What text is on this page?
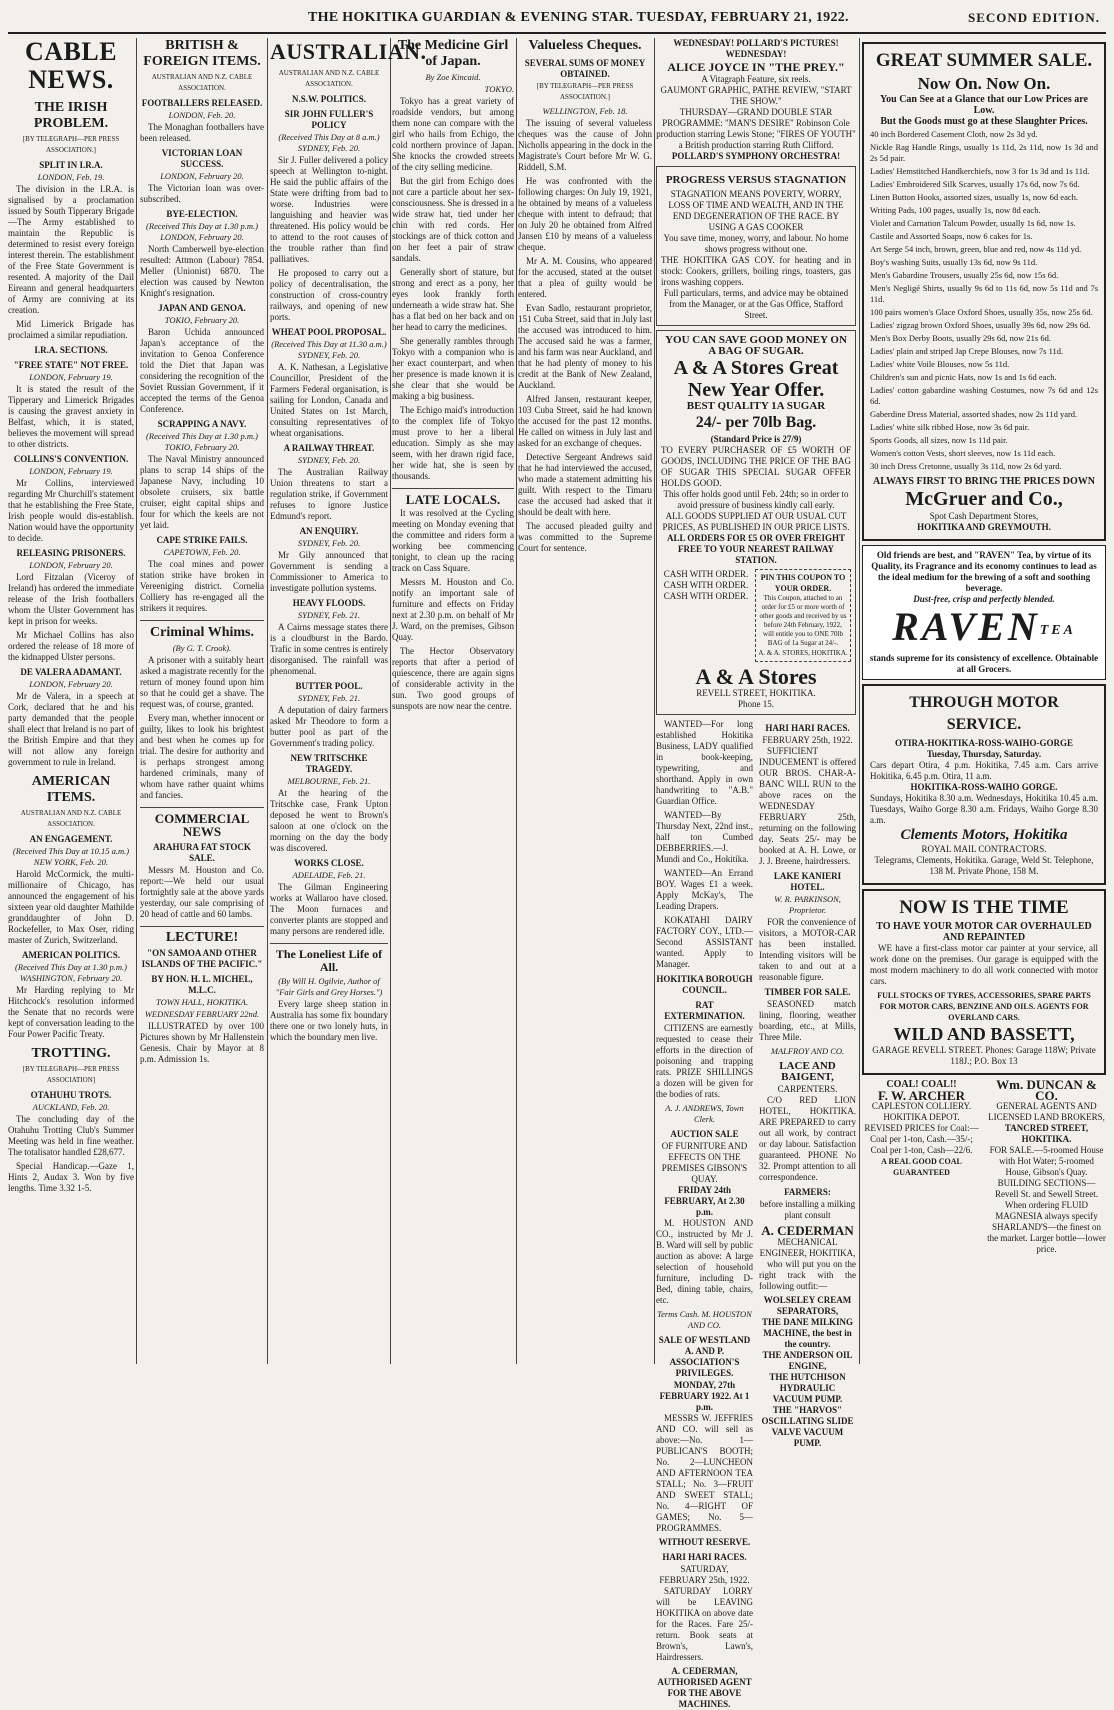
THE HOKITIKA GUARDIAN & EVENING STAR. TUESDAY, FEBRUARY 21, 1922.	SECOND EDITION.
CABLE NEWS.
THE IRISH PROBLEM.
[BY TELEGRAPH—PER PRESS ASSOCIATION.]
SPLIT IN I.R.A.
LONDON, Feb. 19.

The division in the I.R.A. is signalised by a proclamation issued by South Tipperary Brigade—The Army established to maintain the Republic is determined to resist every foreign interest therein. The establishment of the Free State Government is resented. A majority of the Dail Eireann and general headquarters of Army are conniving at its creation.

Mid Limerick Brigade has proclaimed a similar repudiation.

I.R.A. SECTIONS.
"FREE STATE" NOT FREE.
LONDON, February 19.

It is stated the result of the Tipperary and Limerick Brigades is causing the gravest anxiety in Belfast, which, it is stated, believes the movement will spread to other districts.

COLLINS'S CONVENTION.
LONDON, February 19.

Mr Collins, interviewed regarding Mr Churchill's statement that he establishing the Free State, Irish people would dis-establish. Nation would have the opportunity to decide.

RELEASING PRISONERS.
LONDON, February 20.

Lord Fitzalan (Viceroy of Ireland) has ordered the immediate release of the Irish footballers whom the Ulster Government has kept in prison for weeks.

Mr Michael Collins has also ordered the release of 18 more of the kidnapped Ulster persons.

DE VALERA ADAMANT.
LONDON, February 20.

Mr de Valera, in a speech at Cork, declared that he and his party demanded that the people shall elect that Ireland is no part of the British Empire and that they will not allow any foreign government to rule in Ireland.

AMERICAN ITEMS.
AUSTRALIAN AND N.Z. CABLE ASSOCIATION.
AN ENGAGEMENT.
(Received This Day at 10.15 a.m.) NEW YORK, Feb. 20.

Harold McCormick, the multi-millionaire of Chicago, has announced the engagement of his sixteen year old daughter Mathilde granddaughter of John D. Rockefeller, to Max Oser, riding master of Zurich, Switzerland.

AMERICAN POLITICS.
(Received This Day at 1.30 p.m.) WASHINGTON, February 20.

Mr Harding replying to Mr Hitchcock's resolution informed the Senate that no records were kept of conversation leading to the Four Power Pacific Treaty.

TROTTING.
[BY TELEGRAPH—PER PRESS ASSOCIATION]
OTAHUHU TROTS.
AUCKLAND, Feb. 20.

The concluding day of the Otahuhu Trotting Club's Summer Meeting was held in fine weather. The totalisator handled £28,677.

Special Handicap.—Gaze 1, Hints 2, Audax 3. Won by five lengths. Time 3.32 1-5.

BRITISH & FOREIGN ITEMS.
AUSTRALIAN AND N.Z. CABLE ASSOCIATION.
FOOTBALLERS RELEASED.
LONDON, Feb. 20.

The Monaghan footballers have been released.

VICTORIAN LOAN SUCCESS.
LONDON, February 20.

The Victorian loan was over-subscribed.

BYE-ELECTION.
(Received This Day at 1.30 p.m.) LONDON, February 20.

North Camberwell bye-election resulted: Attmon (Labour) 7854. Meller (Unionist) 6870. The election was caused by Newton Knight's resignation.

JAPAN AND GENOA.
TOKIO, February 20.

Baron Uchida announced Japan's acceptance of the invitation to Genoa Conference told the Diet that Japan was considering the recognition of the Soviet Russian Government, if it accepted the terms of the Genoa Conference.

SCRAPPING A NAVY.
(Received This Day at 1.30 p.m.) TOKIO, February 20.

The Naval Ministry announced plans to scrap 14 ships of the Japanese Navy, including 10 obsolete cruisers, six battle cruiser, eight capital ships and four for which the keels are not yet laid.

CAPE STRIKE FAILS.
CAPETOWN, Feb. 20.

The coal mines and power station strike have broken in Vereeniging district. Cornelia Colliery has re-engaged all the strikers it requires.

Criminal Whims.
(By G. T. Crook).

A prisoner with a suitably heart asked a magistrate recently for the return of money found upon him so that he could get a shave. The request was, of course, granted.

Every man, whether innocent or guilty, likes to look his brightest and best when he comes up for trial. The desire for authority and is perhaps strongest among hardened criminals, many of whom have rather quaint whims and fancies.

COMMERCIAL NEWS
ARAHURA FAT STOCK SALE.

Messrs M. Houston and Co. report:—We held our usual fortnightly sale at the above yards yesterday, our sale comprising of 20 head of cattle and 60 lambs.

LECTURE!
"ON SAMOA AND OTHER ISLANDS OF THE PACIFIC."
BY HON. H. L. MICHEL, M.L.C.
TOWN HALL, HOKITIKA.
WEDNESDAY FEBRUARY 22nd.

ILLUSTRATED by over 100 Pictures shown by Mr Hallenstein Genesis. Chair by Mayor at 8 p.m. Admission 1s.

AUSTRALIAN.
AUSTRALIAN AND N.Z. CABLE ASSOCIATION.
N.S.W. POLITICS.
SIR JOHN FULLER'S POLICY
(Received This Day at 8 a.m.) SYDNEY, Feb. 20.

Sir J. Fuller delivered a policy speech at Wellington to-night. He said the public affairs of the State were drifting from bad to worse. Industries were languishing and heavier was threatened. His policy would be to attend to the root causes of the trouble rather than find palliatives.

He proposed to carry out a policy of decentralisation, the construction of cross-country railways, and opening of new ports.

WHEAT POOL PROPOSAL.
(Received This Day at 11.30 a.m.) SYDNEY, Feb. 20.

A. K. Nathesan, a Legislative Councillor, President of the Farmers Federal organisation, is sailing for London, Canada and United States on 1st March, consulting representatives of wheat organisations.

A RAILWAY THREAT.
SYDNEY, Feb. 20.

The Australian Railway Union threatens to start a regulation strike, if Government refuses to ignore Justice Edmund's report.

AN ENQUIRY.
SYDNEY, Feb. 20.

Mr Gily announced that Government is sending a Commissioner to America to investigate pollution systems.

HEAVY FLOODS.
SYDNEY, Feb. 21.

A Cairns message states there is a cloudburst in the Bardo. Trafic in some centres is entirely disorganised. The rainfall was phenomenal.

BUTTER POOL.
SYDNEY, Feb. 21.

A deputation of dairy farmers asked Mr Theodore to form a butter pool as part of the Government's trading policy.

NEW TRITSCHKE TRAGEDY.
MELBOURNE, Feb. 21.

At the hearing of the Tritschke case, Frank Upton deposed he went to Brown's saloon at one o'clock on the morning on the day the body was discovered.

WORKS CLOSE.
ADELAIDE, Feb. 21.

The Gilman Engineering works at Wallaroo have closed. The Moon furnaces and converter plants are stopped and many persons are rendered idle.

The Loneliest Life of All.
(By Will H. Ogilvie, Author of "Fair Girls and Grey Horses.")

Every large sheep station in Australia has some fix boundary there one or two lonely huts, in which the boundary men live.

The Medicine Girl of Japan.
By Zoe Kincaid.
TOKYO.

Tokyo has a great variety of roadside vendors, but among them none can compare with the girl who hails from Echigo, the cold northern province of Japan. She knocks the crowded streets of the city selling medicine.

But the girl from Echigo does not care a particle about her sex-consciousness. She is dressed in a wide straw hat, tied under her chin with red cords. Her stockings are of thick cotton and on her feet a pair of straw sandals.

Generally short of stature, but strong and erect as a pony, her eyes look frankly forth underneath a wide straw hat. She has a flat bed on her back and on her head to carry the medicines.

She generally rambles through Tokyo with a companion who is her exact counterpart, and when her presence is made known it is she clear that she would be making a big business.

The Echigo maid's introduction to the complex life of Tokyo must prove to her a liberal education. Simply as she may seem, with her drawn rigid face, her wide hat, she is seen by thousands.

LATE LOCALS.

It was resolved at the Cycling meeting on Monday evening that the committee and riders form a working bee commencing tonight, to clean up the racing track on Cass Square.

Messrs M. Houston and Co. notify an important sale of furniture and effects on Friday next at 2.30 p.m. on behalf of Mr J. Ward, on the premises, Gibson Quay.

The Hector Observatory reports that after a period of quiescence, there are again signs of considerable activity in the sun. Two good groups of sunspots are now near the centre.

Valueless Cheques.
SEVERAL SUMS OF MONEY OBTAINED.
[BY TELEGRAPH—PER PRESS ASSOCIATION.]
WELLINGTON, Feb. 18.

The issuing of several valueless cheques was the cause of John Nicholls appearing in the dock in the Magistrate's Court before Mr W. G. Riddell, S.M.

He was confronted with the following charges: On July 19, 1921, he obtained by means of a valueless cheque with intent to defraud; that on July 20 he obtained from Alfred Jansen £10 by means of a valueless cheque.

Mr A. M. Cousins, who appeared for the accused, stated at the outset that a plea of guilty would be entered.

Evan Sadlo, restaurant proprietor, 151 Cuba Street, said that in July last the accused was introduced to him. The accused said he was a farmer, and his farm was near Auckland, and that he had plenty of money to his credit at the Bank of New Zealand, Auckland.

Alfred Jansen, restaurant keeper, 103 Cuba Street, said he had known the accused for the past 12 months. He called on witness in July last and asked for an exchange of cheques.

Detective Sergeant Andrews said that he had interviewed the accused, who made a statement admitting his guilt. With respect to the Timaru case the accused had asked that it should be dealt with here.

The accused pleaded guilty and was committed to the Supreme Court for sentence.

WEDNESDAY! POLLARD'S PICTURES! WEDNESDAY!
ALICE JOYCE IN "THE PREY."
A Vitagraph Feature, six reels.
GAUMONT GRAPHIC, PATHE REVIEW, "START THE SHOW."
THURSDAY—GRAND DOUBLE STAR PROGRAMME: "MAN'S DESIRE" Robinson Cole production starring Lewis Stone; "FIRES OF YOUTH" a British production starring Ruth Clifford.
POLLARD'S SYMPHONY ORCHESTRA!
PROGRESS VERSUS STAGNATION
STAGNATION MEANS POVERTY, WORRY, LOSS OF TIME AND WEALTH, AND IN THE END DEGENERATION OF THE RACE. BY USING A GAS COOKER
You save time, money, worry, and labour. No home shows progress without one.
THE HOKITIKA GAS COY. for heating and in stock: Cookers, grillers, boiling rings, toasters, gas irons washing coppers.
Full particulars, terms, and advice may be obtained from the Manager, or at the Gas Office, Stafford Street.
YOU CAN SAVE GOOD MONEY ON A BAG OF SUGAR.
A & A Stores Great New Year Offer.
BEST QUALITY 1A SUGAR
24/- per 70lb Bag.
(Standard Price is 27/9)
TO EVERY PURCHASER OF £5 WORTH OF GOODS, INCLUDING THE PRICE OF THE BAG OF SUGAR THIS SPECIAL SUGAR OFFER HOLDS GOOD.
This offer holds good until Feb. 24th; so in order to avoid pressure of business kindly call early.
ALL GOODS SUPPLIED AT OUR USUAL CUT PRICES, AS PUBLISHED IN OUR PRICE LISTS.
ALL ORDERS FOR £5 OR OVER FREIGHT FREE TO YOUR NEAREST RAILWAY STATION.
CASH WITH ORDER.
CASH WITH ORDER.
CASH WITH ORDER.
PIN THIS COUPON TO YOUR ORDER.
This Coupon, attached to an order for £5 or more worth of other goods and received by us before 24th February, 1922, will entitle you to ONE 70lb BAG of 1a Sugar at 24/-.
A. & A. STORES, HOKITIKA.
A & A Stores
REVELL STREET, HOKITIKA.
Phone 15.

WANTED—For long established Hokitika Business, LADY qualified in book-keeping, typewriting, and shorthand. Apply in own handwriting to "A.B." Guardian Office.

WANTED—By Thursday Next, 22nd inst., half ton Cumbed DEBBERRIES.—J. Mundi and Co., Hokitika.

WANTED—An Errand BOY. Wages £1 a week. Apply McKay's, The Leading Drapers.

KOKATAHI DAIRY FACTORY COY., LTD.—Second ASSISTANT wanted. Apply to Manager.

HOKITIKA BOROUGH COUNCIL.
RAT EXTERMINATION.

CITIZENS are earnestly requested to cease their efforts in the direction of poisoning and trapping rats. PRIZE SHILLINGS a dozen will be given for the bodies of rats.

A. J. ANDREWS, Town Clerk.
AUCTION SALE
OF FURNITURE AND EFFECTS ON THE PREMISES GIBSON'S QUAY.
FRIDAY 24th FEBRUARY, At 2.30 p.m.

M. HOUSTON AND CO., instructed by Mr J. B. Ward will sell by public auction as above: A large selection of household furniture, including D-Bed, dining table, chairs, etc.

Terms Cash. M. HOUSTON AND CO.
SALE OF WESTLAND A. AND P. ASSOCIATION'S PRIVILEGES.
MONDAY, 27th FEBRUARY 1922. At 1 p.m.

MESSRS W. JEFFRIES AND CO. will sell as above:—No. 1—PUBLICAN'S BOOTH; No. 2—LUNCHEON AND AFTERNOON TEA STALL; No. 3—FRUIT AND SWEET STALL; No. 4—RIGHT OF GAMES; No. 5—PROGRAMMES.

WITHOUT RESERVE.
HARI HARI RACES.
SATURDAY, FEBRUARY 25th, 1922.

SATURDAY LORRY will be LEAVING HOKITIKA on above date for the Races. Fare 25/- return. Book seats at Brown's, Lawn's, Hairdressers.

A. CEDERMAN, AUTHORISED AGENT FOR THE ABOVE MACHINES.
HARI HARI RACES.
FEBRUARY 25th, 1922.

SUFFICIENT INDUCEMENT is offered OUR BROS. CHAR-A-BANC WILL RUN to the above races on the WEDNESDAY FEBRUARY 25th, returning on the following day. Seats 25/- may be booked at A. H. Lowe, or J. J. Breene, hairdressers.

LAKE KANIERI HOTEL.
W. R. PARKINSON, Proprietor.

FOR the convenience of visitors, a MOTOR-CAR has been installed. Intending visitors will be taken to and out at a reasonable figure.

TIMBER FOR SALE.

SEASONED match lining, flooring, weather boarding, etc., at Mills, Three Mile.

MALFROY AND CO.
LACE AND BAIGENT,
CARPENTERS.

C/O RED LION HOTEL, HOKITIKA. ARE PREPARED to carry out all work, by contract or day labour. Satisfaction guaranteed. PHONE No 32. Prompt attention to all correspondence.

FARMERS:
before installing a milking plant consult
A. CEDERMAN
MECHANICAL ENGINEER, HOKITIKA,

who will put you on the right track with the following outfit:—

WOLSELEY CREAM SEPARATORS,
THE DANE MILKING MACHINE, the best in the country.
THE ANDERSON OIL ENGINE,
THE HUTCHISON HYDRAULIC VACUUM PUMP.
THE "HARVOS" OSCILLATING SLIDE VALVE VACUUM PUMP.
GREAT SUMMER SALE.
Now On. Now On.
You Can See at a Glance that our Low Prices are Low.
But the Goods must go at these Slaughter Prices.
40 inch Bordered Casement Cloth, now 2s 3d yd.
Nickle Rag Handle Rings, usually 1s 11d, 2s 11d, now 1s 3d and 2s 5d pair.
Ladies' Hemstitched Handkerchiefs, now 3 for 1s 3d and 1s 11d.
Ladies' Embroidered Silk Scarves, usually 17s 6d, now 7s 6d.
Linen Button Hooks, assorted sizes, usually 1s, now 6d each.
Writing Pads, 100 pages, usually 1s, now 8d each.
Violet and Carnation Talcum Powder, usually 1s 6d, now 1s.
Castile and Assorted Soaps, now 6 cakes for 1s.
Art Serge 54 inch, brown, green, blue and red, now 4s 11d yd.
Boy's washing Suits, usually 13s 6d, now 9s 11d.
Men's Gabardine Trousers, usually 25s 6d, now 15s 6d.
Men's Negligé Shirts, usually 9s 6d to 11s 6d, now 5s 11d and 7s 11d.
100 pairs women's Glace Oxford Shoes, usually 35s, now 25s 6d.
Ladies' zigzag brown Oxford Shoes, usually 39s 6d, now 29s 6d.
Men's Box Derby Boots, usually 29s 6d, now 21s 6d.
Ladies' plain and striped Jap Crepe Blouses, now 7s 11d.
Ladies' white Voile Blouses, now 5s 11d.
Children's sun and picnic Hats, now 1s and 1s 6d each.
Ladies' cotton gabardine washing Costumes, now 7s 6d and 12s 6d.
Gaberdine Dress Material, assorted shades, now 2s 11d yard.
Ladies' white silk ribbed Hose, now 3s 6d pair.
Sports Goods, all sizes, now 1s 11d pair.
Women's cotton Vests, short sleeves, now 1s 11d each.
30 inch Dress Cretonne, usually 3s 11d, now 2s 6d yard.
ALWAYS FIRST TO BRING THE PRICES DOWN
McGruer and Co.,
Spot Cash Department Stores,
HOKITIKA AND GREYMOUTH.
Old friends are best, and "RAVEN" Tea, by virtue of its Quality, its Fragrance and its economy continues to lead as the ideal medium for the brewing of a soft and soothing beverage.
Dust-free, crisp and perfectly blended.
RAVENTEA
stands supreme for its consistency of excellence. Obtainable at all Grocers.
THROUGH MOTOR SERVICE.
OTIRA-HOKITIKA-ROSS-WAIHO-GORGE
Tuesday, Thursday, Saturday.
Cars depart Otira, 4 p.m. Hokitika, 7.45 a.m. Cars arrive Hokitika, 6.45 p.m. Otira, 11 a.m.
HOKITIKA-ROSS-WAIHO GORGE.
Sundays, Hokitika 8.30 a.m. Wednesdays, Hokitika 10.45 a.m. Tuesdays, Waiho Gorge 8.30 a.m. Fridays, Waiho Gorge 8.30 a.m.
Clements Motors, Hokitika
ROYAL MAIL CONTRACTORS.
Telegrams, Clements, Hokitika. Garage, Weld St. Telephone, 138 M. Private Phone, 158 M.
NOW IS THE TIME
TO HAVE YOUR MOTOR CAR OVERHAULED AND REPAINTED

WE have a first-class motor car painter at your service, all work done on the premises. Our garage is equipped with the most modern machinery to do all work connected with motor cars.

FULL STOCKS OF TYRES, ACCESSORIES, SPARE PARTS FOR MOTOR CARS, BENZINE AND OILS. AGENTS FOR OVERLAND CARS.
WILD AND BASSETT,
GARAGE REVELL STREET. Phones: Garage 118W; Private 118J.; P.O. Box 13
COAL! COAL!!
F. W. ARCHER
CAPLESTON COLLIERY.
HOKITIKA DEPOT.
REVISED PRICES for Coal:—Coal per 1-ton, Cash.—35/-; Coal per 1-ton, Cash—22/6.
A REAL GOOD COAL GUARANTEED
Wm. DUNCAN & CO.
GENERAL AGENTS AND LICENSED LAND BROKERS,
TANCRED STREET, HOKITIKA.
FOR SALE.—5-roomed House with Hot Water; 5-roomed House, Gibson's Quay. BUILDING SECTIONS—Revell St. and Sewell Street.
When ordering FLUID MAGNESIA always specify SHARLAND'S—the finest on the market. Larger bottle—lower price.
